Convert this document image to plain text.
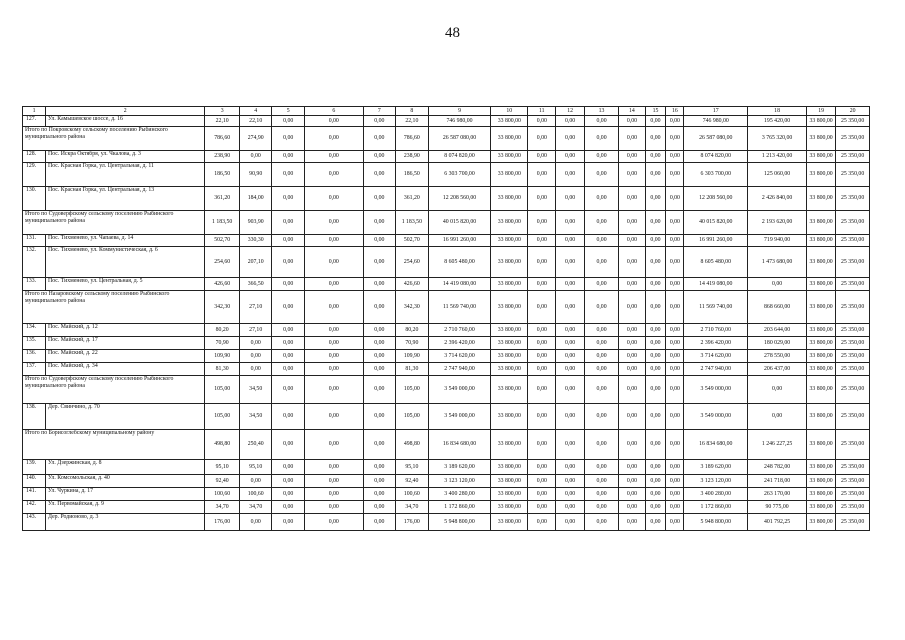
48
1	2	3	4	5	6	7	8	9	10	11	12	13	14	15	16	17	18	19	20
127.	Ул. Камышевское шоссе, д. 16	22,10	22,10	0,00	0,00	0,00	22,10	746 980,00	33 800,00	0,00	0,00	0,00	0,00	0,00	0,00	746 980,00	195 420,00	33 800,00	25 350,00
Итого по Покровскому сельскому поселению Рыбинского муниципального района		786,60	274,90	0,00	0,00	0,00	786,60	26 587 080,00	33 800,00	0,00	0,00	0,00	0,00	0,00	0,00	26 587 080,00	3 765 320,00	33 800,00	25 350,00
128.	Пос. Искра Октября, ул. Чкалова, д. 3	238,90	0,00	0,00	0,00	0,00	238,90	8 074 820,00	33 800,00	0,00	0,00	0,00	0,00	0,00	0,00	8 074 820,00	1 213 420,00	33 800,00	25 350,00
129.	Пос. Красная Горка, ул. Центральная, д. 11	186,50	90,90	0,00	0,00	0,00	186,50	6 303 700,00	33 800,00	0,00	0,00	0,00	0,00	0,00	0,00	6 303 700,00	125 060,00	33 800,00	25 350,00
130.	Пос. Красная Горка, ул. Центральная, д. 13	361,20	184,00	0,00	0,00	0,00	361,20	12 208 560,00	33 800,00	0,00	0,00	0,00	0,00	0,00	0,00	12 208 560,00	2 426 840,00	33 800,00	25 350,00
Итого по Судоверфскому сельскому поселению Рыбинского муниципального района		1 183,50	903,90	0,00	0,00	0,00	1 183,50	40 015 820,00	33 800,00	0,00	0,00	0,00	0,00	0,00	0,00	40 015 820,00	2 193 620,00	33 800,00	25 350,00
131.	Пос. Тихменево, ул. Чапаева, д. 14	502,70	330,30	0,00	0,00	0,00	502,70	16 991 260,00	33 800,00	0,00	0,00	0,00	0,00	0,00	0,00	16 991 260,00	719 940,00	33 800,00	25 350,00
132.	Пос. Тихменево, ул. Коммунистическая, д. 6	254,60	207,10	0,00	0,00	0,00	254,60	8 605 480,00	33 800,00	0,00	0,00	0,00	0,00	0,00	0,00	8 605 480,00	1 473 680,00	33 800,00	25 350,00
133.	Пос. Тихменево, ул. Центральная, д. 5	426,60	366,50	0,00	0,00	0,00	426,60	14 419 080,00	33 800,00	0,00	0,00	0,00	0,00	0,00	0,00	14 419 080,00	0,00	33 800,00	25 350,00
Итого по Назаровскому сельскому поселению Рыбинского муниципального района		342,30	27,10	0,00	0,00	0,00	342,30	11 569 740,00	33 800,00	0,00	0,00	0,00	0,00	0,00	0,00	11 569 740,00	868 660,00	33 800,00	25 350,00
134.	Пос. Майский, д. 12	80,20	27,10	0,00	0,00	0,00	80,20	2 710 760,00	33 800,00	0,00	0,00	0,00	0,00	0,00	0,00	2 710 760,00	203 644,00	33 800,00	25 350,00
135.	Пос. Майский, д. 17	70,90	0,00	0,00	0,00	0,00	70,90	2 396 420,00	33 800,00	0,00	0,00	0,00	0,00	0,00	0,00	2 396 420,00	180 029,00	33 800,00	25 350,00
136.	Пос. Майский, д. 22	109,90	0,00	0,00	0,00	0,00	109,90	3 714 620,00	33 800,00	0,00	0,00	0,00	0,00	0,00	0,00	3 714 620,00	278 550,00	33 800,00	25 350,00
137.	Пос. Майский, д. 34	81,30	0,00	0,00	0,00	0,00	81,30	2 747 940,00	33 800,00	0,00	0,00	0,00	0,00	0,00	0,00	2 747 940,00	206 437,00	33 800,00	25 350,00
Итого по Судоверфскому сельскому поселению Рыбинского муниципального района		105,00	34,50	0,00	0,00	0,00	105,00	3 549 000,00	33 800,00	0,00	0,00	0,00	0,00	0,00	0,00	3 549 000,00	0,00	33 800,00	25 350,00
138.	Дер. Свинчино, д. 70	105,00	34,50	0,00	0,00	0,00	105,00	3 549 000,00	33 800,00	0,00	0,00	0,00	0,00	0,00	0,00	3 549 000,00	0,00	33 800,00	25 350,00
Итого по Борисоглебскому муниципальному району		498,80	250,40	0,00	0,00	0,00	498,80	16 834 680,00	33 800,00	0,00	0,00	0,00	0,00	0,00	0,00	16 834 680,00	1 246 227,25	33 800,00	25 350,00
139.	Ул. Дзержинская, д. 8	95,10	95,10	0,00	0,00	0,00	95,10	3 189 620,00	33 800,00	0,00	0,00	0,00	0,00	0,00	0,00	3 189 620,00	248 782,00	33 800,00	25 350,00
140.	Ул. Комсомольская, д. 40	92,40	0,00	0,00	0,00	0,00	92,40	3 123 120,00	33 800,00	0,00	0,00	0,00	0,00	0,00	0,00	3 123 120,00	241 718,00	33 800,00	25 350,00
141.	Ул. Чуркина, д. 17	100,60	100,60	0,00	0,00	0,00	100,60	3 400 280,00	33 800,00	0,00	0,00	0,00	0,00	0,00	0,00	3 400 280,00	263 170,00	33 800,00	25 350,00
142.	Ул. Первомайская, д. 9	34,70	34,70	0,00	0,00	0,00	34,70	1 172 860,00	33 800,00	0,00	0,00	0,00	0,00	0,00	0,00	1 172 860,00	90 775,00	33 800,00	25 350,00
143.	Дер. Родионово, д. 3	176,00	0,00	0,00	0,00	0,00	176,00	5 948 800,00	33 800,00	0,00	0,00	0,00	0,00	0,00	0,00	5 948 800,00	401 792,25	33 800,00	25 350,00
